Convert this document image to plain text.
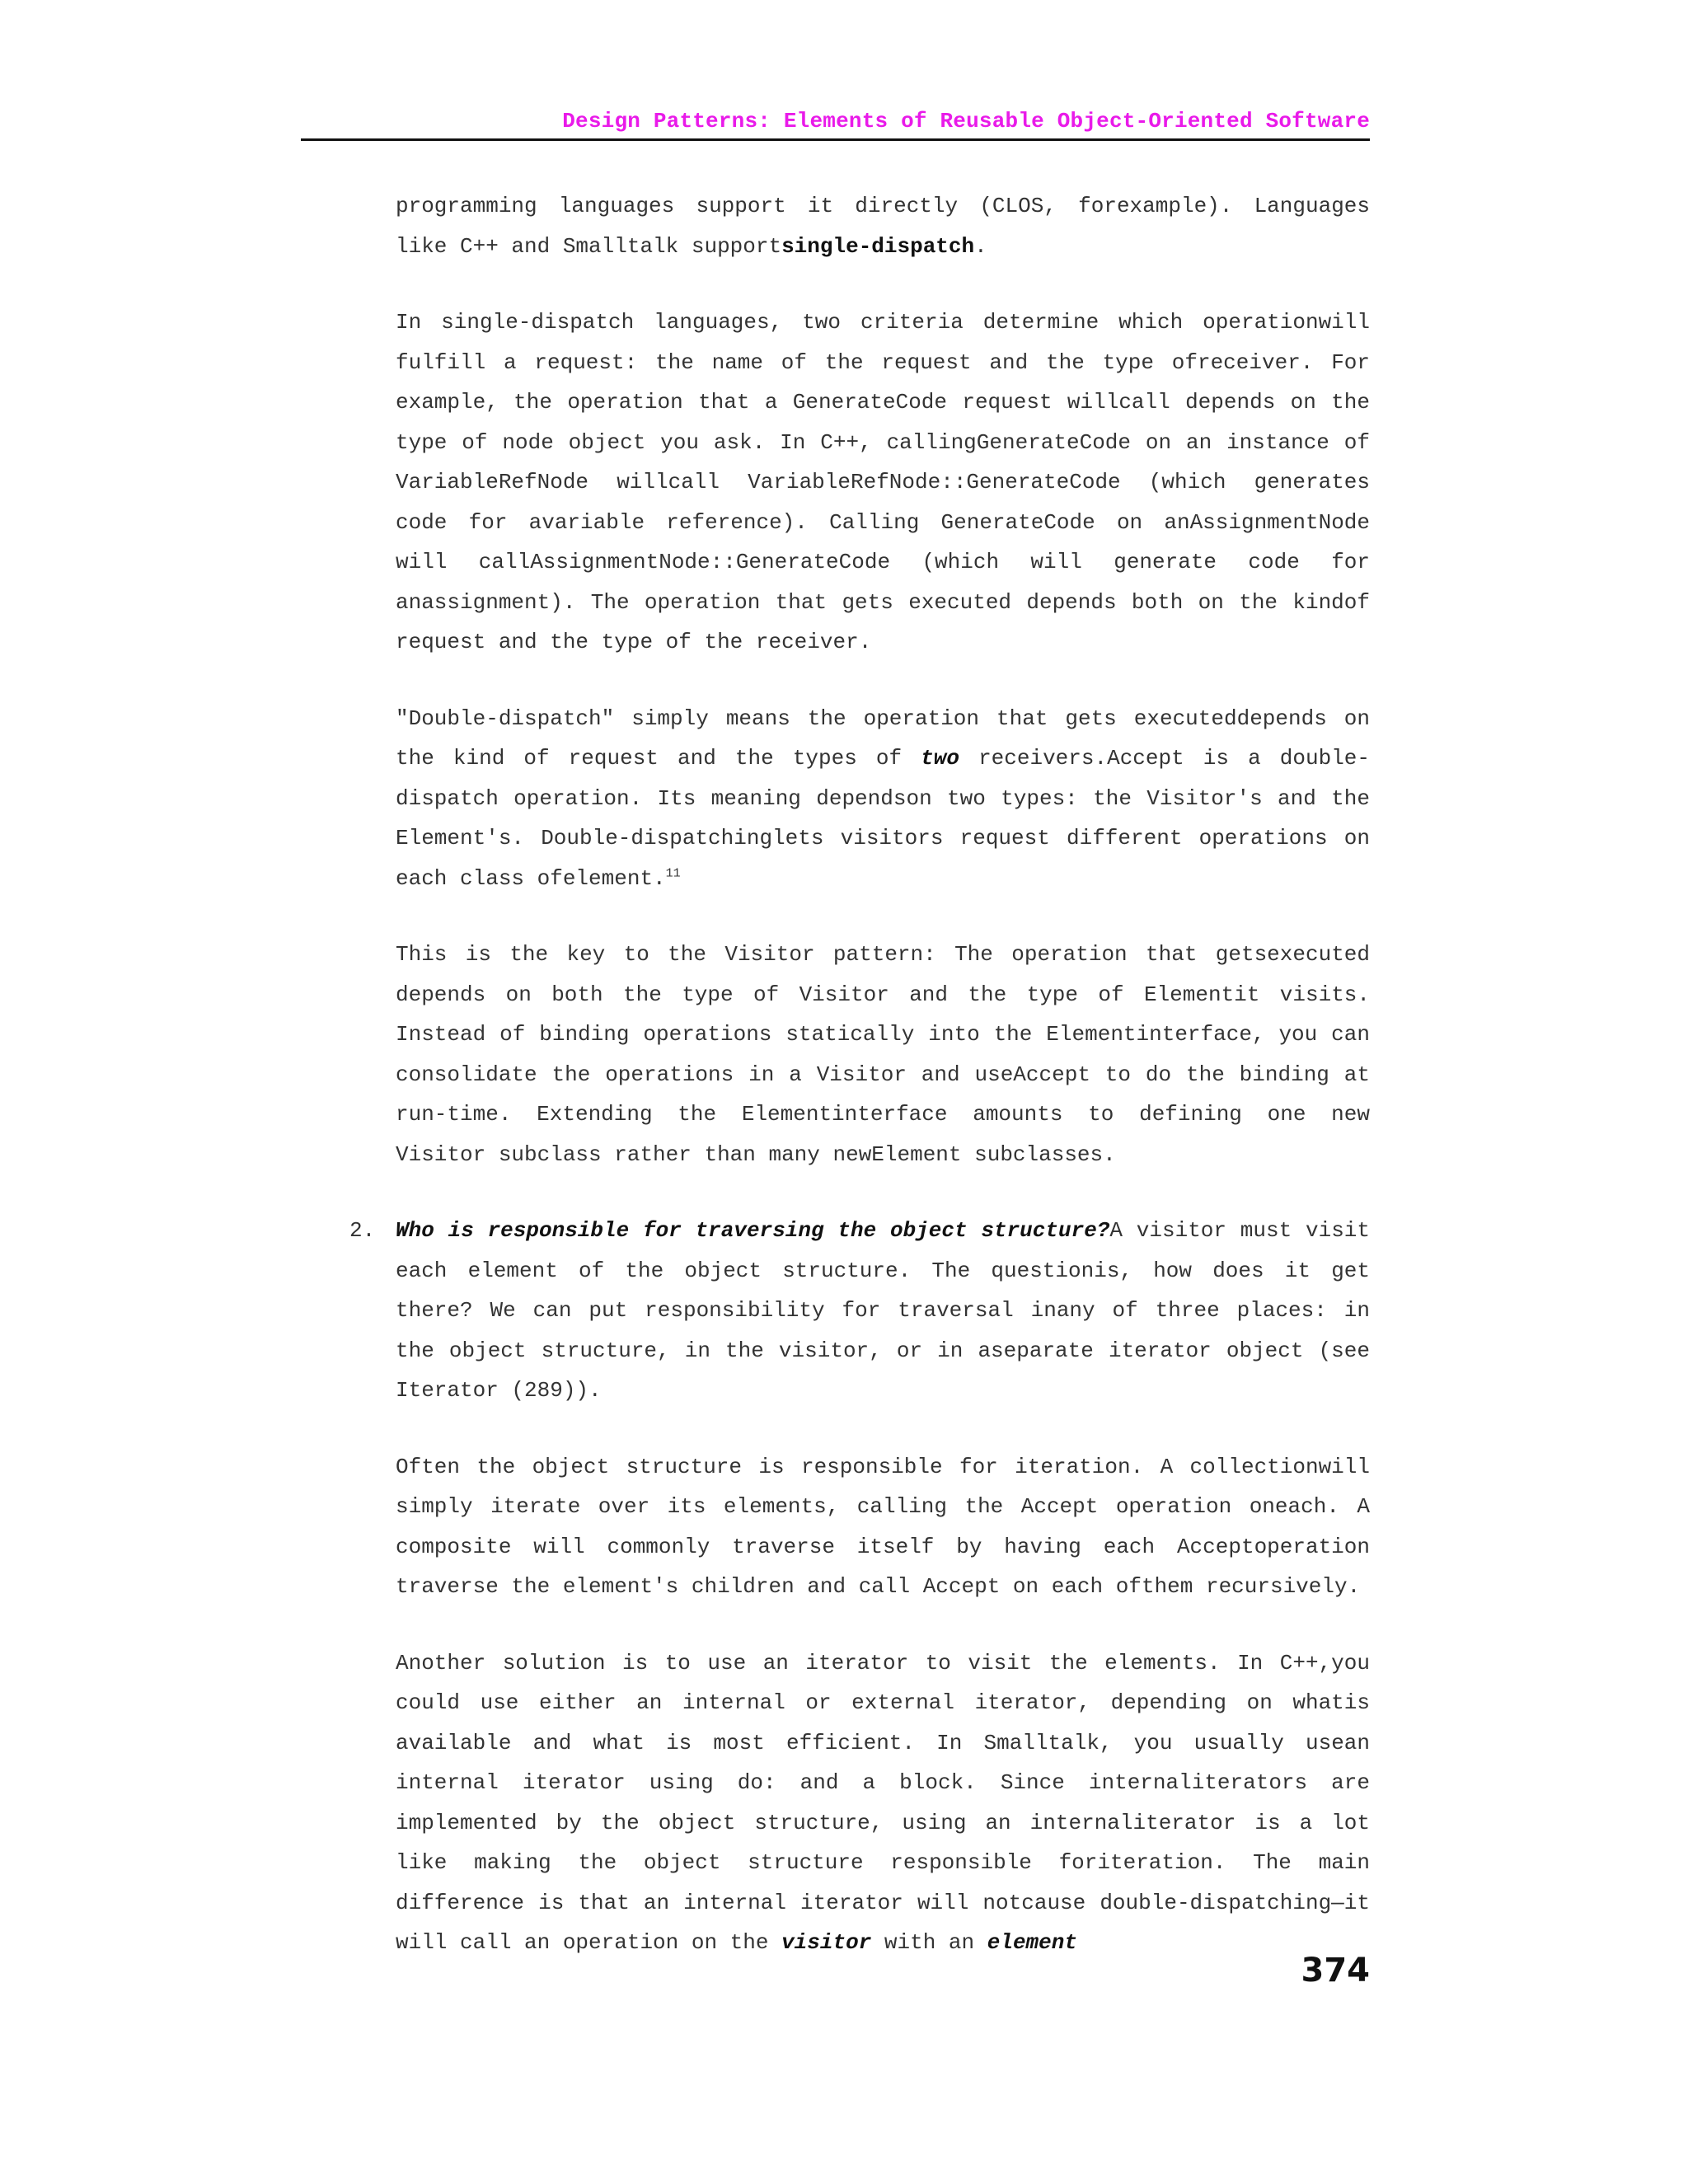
Design Patterns: Elements of Reusable Object-Oriented Software

programming languages support it directly (CLOS, forexample). Languages like C++ and Smalltalk supportsingle-dispatch.

In single-dispatch languages, two criteria determine which operationwill fulfill a request: the name of the request and the type ofreceiver. For example, the operation that a GenerateCode request willcall depends on the type of node object you ask. In C++, callingGenerateCode on an instance of VariableRefNode willcall VariableRefNode::GenerateCode (which generates code for avariable reference). Calling GenerateCode on anAssignmentNode will callAssignmentNode::GenerateCode (which will generate code for anassignment). The operation that gets executed depends both on the kindof request and the type of the receiver.

"Double-dispatch" simply means the operation that gets executeddepends on the kind of request and the types of two receivers.Accept is a double-dispatch operation. Its meaning dependson two types: the Visitor's and the Element's. Double-dispatchinglets visitors request different operations on each class ofelement.$^{11}$

This is the key to the Visitor pattern: The operation that getsexecuted depends on both the type of Visitor and the type of Elementit visits. Instead of binding operations statically into the Elementinterface, you can consolidate the operations in a Visitor and useAccept to do the binding at run-time. Extending the Elementinterface amounts to defining one new Visitor subclass rather than many newElement subclasses.

2. Who is responsible for traversing the object structure?A visitor must visit each element of the object structure. The questionis, how does it get there? We can put responsibility for traversal inany of three places: in the object structure, in the visitor, or in aseparate iterator object (see Iterator (289)).

Often the object structure is responsible for iteration. A collectionwill simply iterate over its elements, calling the Accept operation oneach. A composite will commonly traverse itself by having each Acceptoperation traverse the element's children and call Accept on each ofthem recursively.

Another solution is to use an iterator to visit the elements. In C++,you could use either an internal or external iterator, depending on whatis available and what is most efficient. In Smalltalk, you usually usean internal iterator using do: and a block. Since internaliterators are implemented by the object structure, using an internaliterator is a lot like making the object structure responsible foriteration. The main difference is that an internal iterator will notcause double-dispatching—it will call an operation on the visitor with an element

374
